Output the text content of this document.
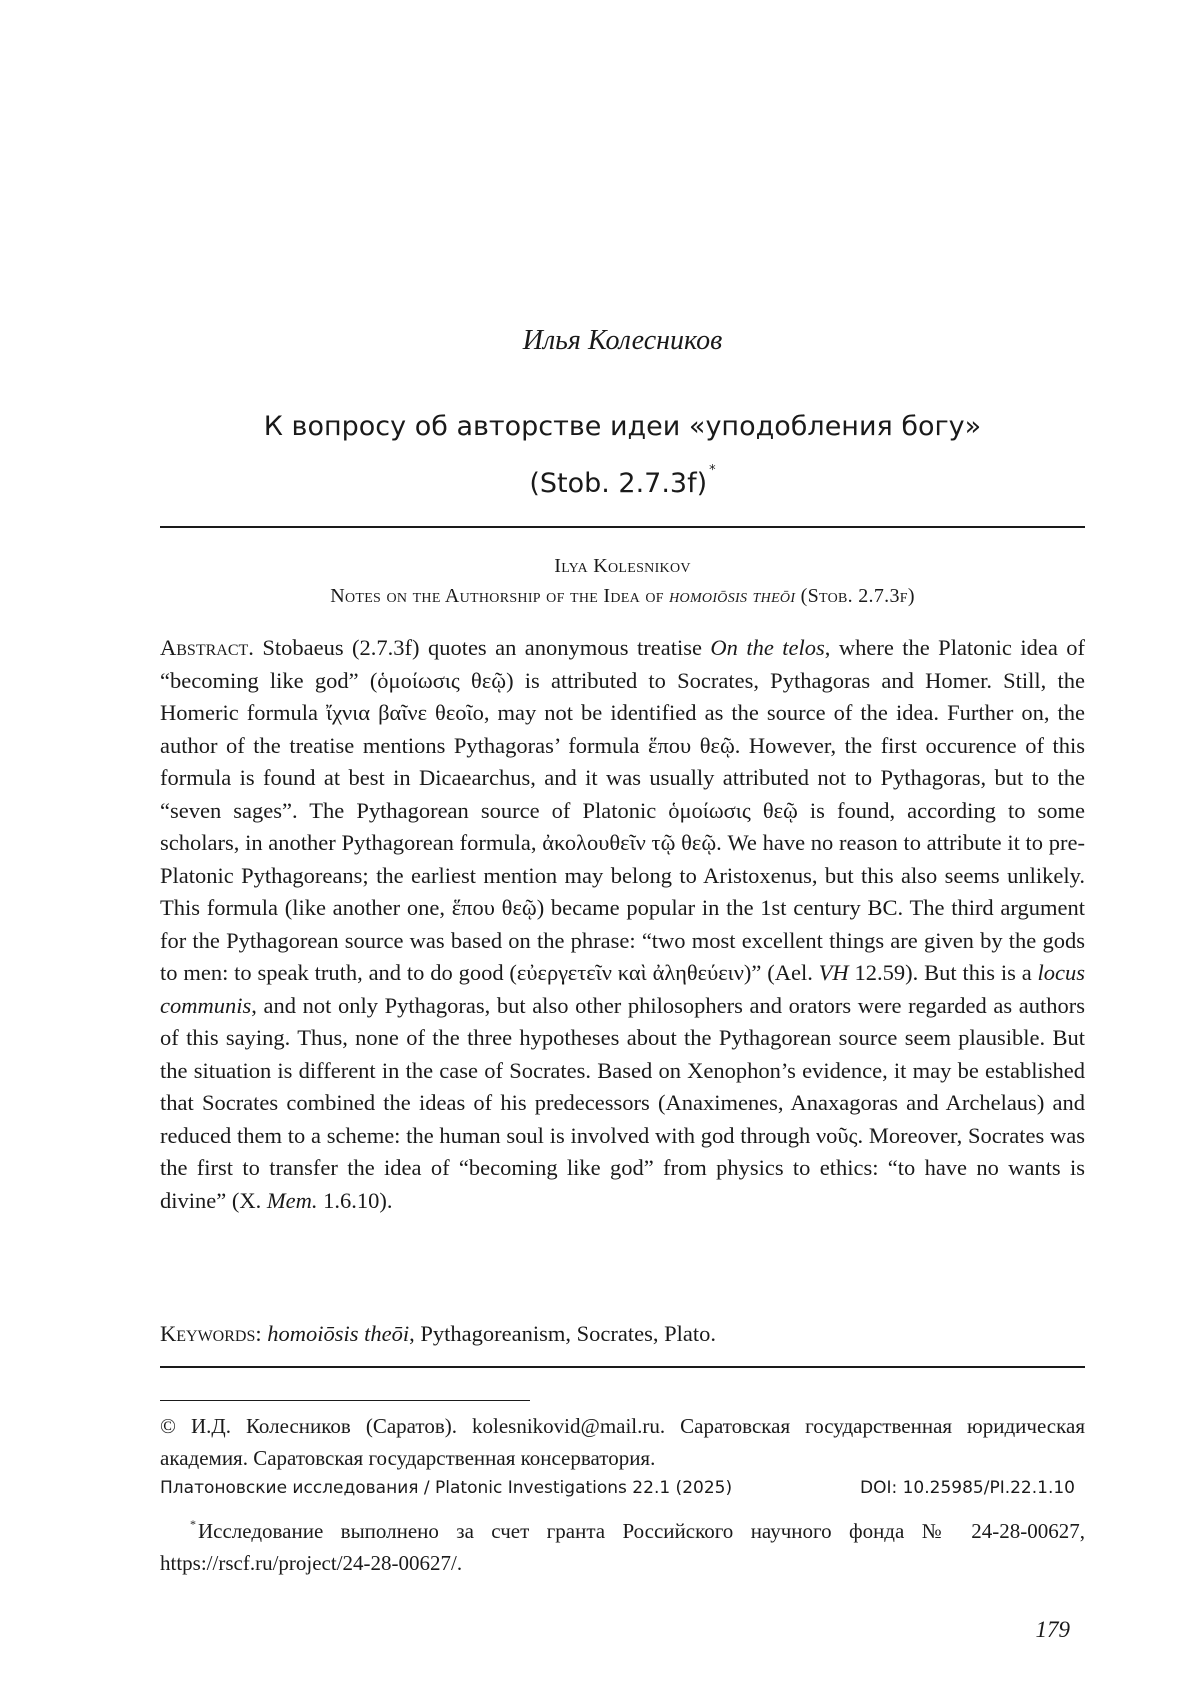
Илья Колесников
К вопросу об авторстве идеи «уподобления богу»
(Stob. 2.7.3f) *
Ilya Kolesnikov
Notes on the Authorship of the Idea of homoiōsis theōi (Stob. 2.7.3f)
Abstract. Stobaeus (2.7.3f) quotes an anonymous treatise On the telos, where the Platonic idea of “becoming like god” (ὁμοίωσις θεῷ) is attributed to Socrates, Pythagoras and Homer. Still, the Homeric formula ἴχνια βαῖνε θεοῖο, may not be identified as the source of the idea. Further on, the author of the treatise mentions Pythagoras’ formula ἕπου θεῷ. However, the first occurence of this formula is found at best in Dicaearchus, and it was usually attributed not to Pythagoras, but to the “seven sages”. The Pythagorean source of Platonic ὁμοίωσις θεῷ is found, according to some scholars, in another Pythagorean formula, ἀκολουθεῖν τῷ θεῷ. We have no reason to attribute it to pre-Platonic Pythagoreans; the earliest mention may belong to Aristoxenus, but this also seems unlikely. This formula (like another one, ἕπου θεῷ) became popular in the 1st century BC. The third argument for the Pythagorean source was based on the phrase: “two most excellent things are given by the gods to men: to speak truth, and to do good (εὐεργετεῖν καὶ ἀληθεύειν)” (Ael. VH 12.59). But this is a locus communis, and not only Pythagoras, but also other philosophers and orators were regarded as authors of this saying. Thus, none of the three hypotheses about the Pythagorean source seem plausible. But the situation is different in the case of Socrates. Based on Xenophon’s evidence, it may be established that Socrates combined the ideas of his predecessors (Anaximenes, Anaxagoras and Archelaus) and reduced them to a scheme: the human soul is involved with god through νοῦς. Moreover, Socrates was the first to transfer the idea of “becoming like god” from physics to ethics: “to have no wants is divine” (X. Mem. 1.6.10).
Keywords: homoiōsis theōi, Pythagoreanism, Socrates, Plato.
© И.Д. Колесников (Саратов). kolesnikovid@mail.ru. Саратовская государственная юридическая академия. Саратовская государственная консерватория.
Платоновские исследования / Platonic Investigations 22.1 (2025)	DOI: 10.25985/PI.22.1.10
*Исследование выполнено за счет гранта Российского научного фонда № 24-28-00627, https://rscf.ru/project/24-28-00627/.
179
